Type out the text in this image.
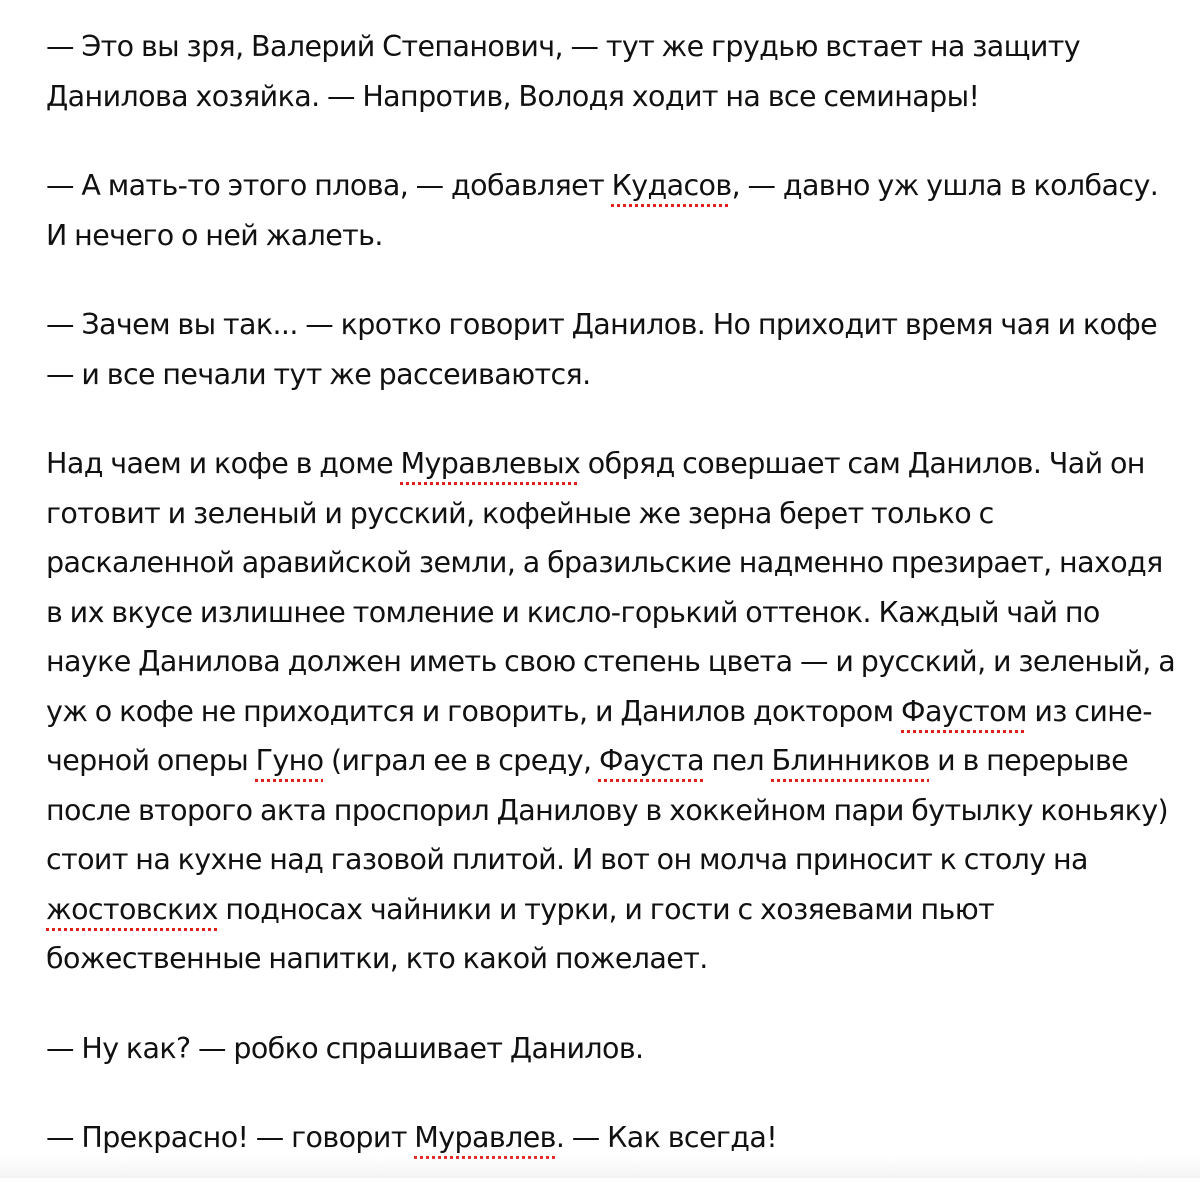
— Это вы зря, Валерий Степанович, — тут же грудью встает на защиту Данилова хозяйка. — Напротив, Володя ходит на все семинары!

— А мать-то этого плова, — добавляет Кудасов, — давно уж ушла в колбасу. И нечего о ней жалеть.

— Зачем вы так... — кротко говорит Данилов. Но приходит время чая и кофе — и все печали тут же рассеиваются.

Над чаем и кофе в доме Муравлевых обряд совершает сам Данилов. Чай он готовит и зеленый и русский, кофейные же зерна берет только с раскаленной аравийской земли, а бразильские надменно презирает, находя в их вкусе излишнее томление и кисло-горький оттенок. Каждый чай по науке Данилова должен иметь свою степень цвета — и русский, и зеленый, а уж о кофе не приходится и говорить, и Данилов доктором Фаустом из сине-черной оперы Гуно (играл ее в среду, Фауста пел Блинников и в перерыве после второго акта проспорил Данилову в хоккейном пари бутылку коньяку) стоит на кухне над газовой плитой. И вот он молча приносит к столу на жостовских подносах чайники и турки, и гости с хозяевами пьют божественные напитки, кто какой пожелает.

— Ну как? — робко спрашивает Данилов.

— Прекрасно! — говорит Муравлев. — Как всегда!
